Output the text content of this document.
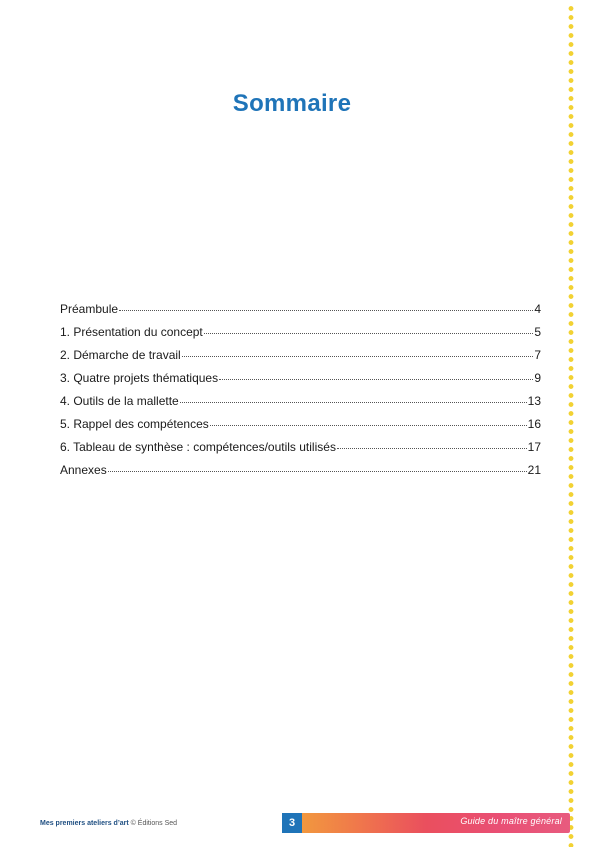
Sommaire
Préambule	4
1. Présentation du concept	5
2. Démarche de travail	7
3. Quatre projets thématiques	9
4. Outils de la mallette	13
5. Rappel des compétences	16
6. Tableau de synthèse : compétences/outils utilisés	17
Annexes	21
Mes premiers ateliers d’art © Éditions Sed	3	Guide du maître général
